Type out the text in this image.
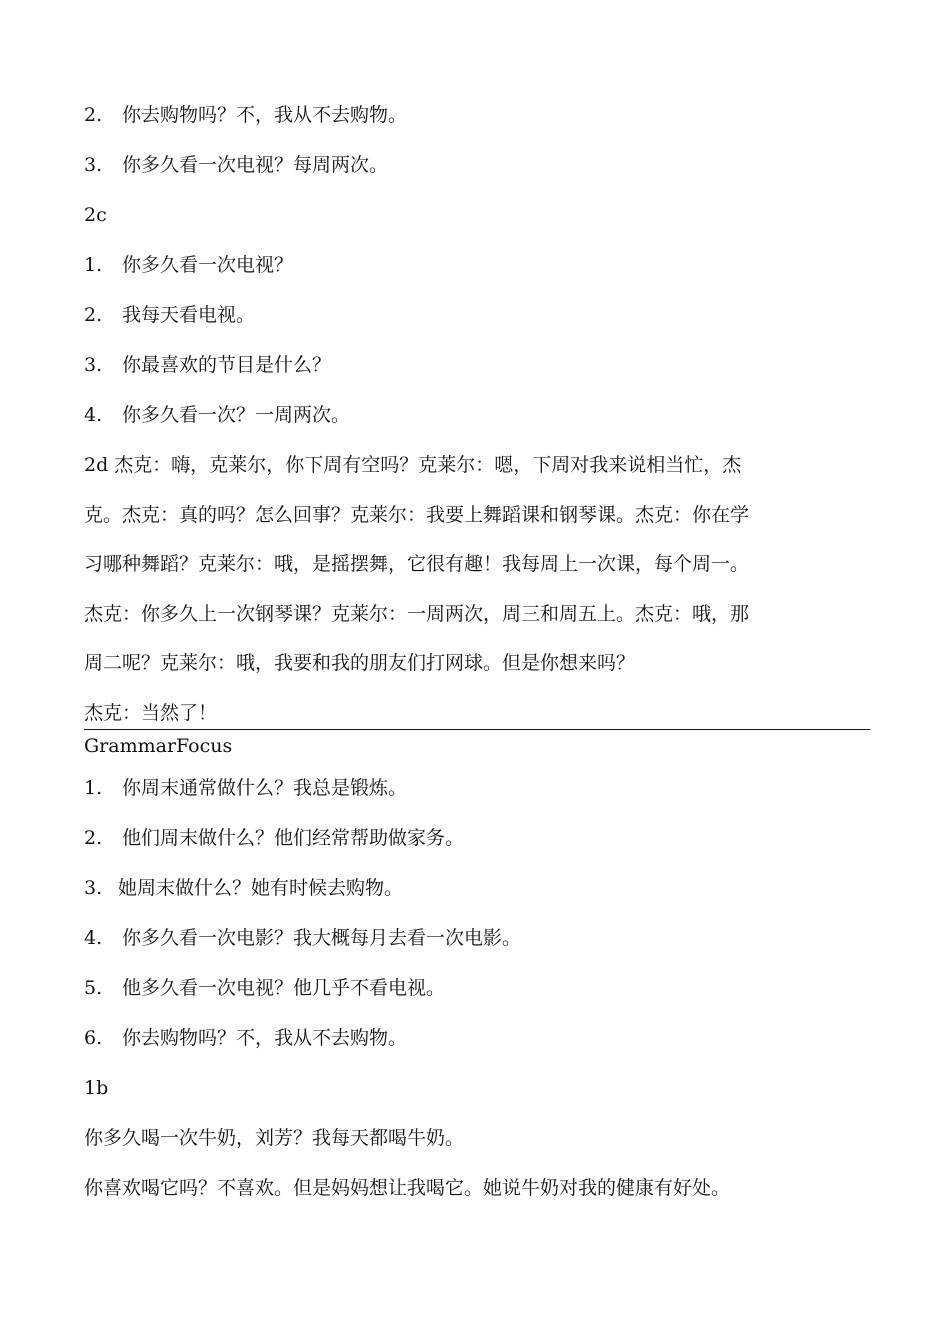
2. 你去购物吗？不，我从不去购物。
3. 你多久看一次电视？每周两次。
2c
1. 你多久看一次电视？
2. 我每天看电视。
3. 你最喜欢的节目是什么？
4. 你多久看一次？一周两次。
2d 杰克：嗨，克莱尔，你下周有空吗？克莱尔：嗯，下周对我来说相当忙，杰
克。杰克：真的吗？怎么回事？克莱尔：我要上舞蹈课和钢琴课。杰克：你在学
习哪种舞蹈？克莱尔：哦，是摇摆舞，它很有趣！我每周上一次课，每个周一。
杰克：你多久上一次钢琴课？克莱尔：一周两次，周三和周五上。杰克：哦，那
周二呢？克莱尔：哦，我要和我的朋友们打网球。但是你想来吗？
杰克：当然了！
GrammarFocus
1. 你周末通常做什么？我总是锻炼。
2. 他们周末做什么？他们经常帮助做家务。
3. 她周末做什么？她有时候去购物。
4. 你多久看一次电影？我大概每月去看一次电影。
5. 他多久看一次电视？他几乎不看电视。
6. 你去购物吗？不，我从不去购物。
1b
你多久喝一次牛奶，刘芳？我每天都喝牛奶。
你喜欢喝它吗？不喜欢。但是妈妈想让我喝它。她说牛奶对我的健康有好处。
